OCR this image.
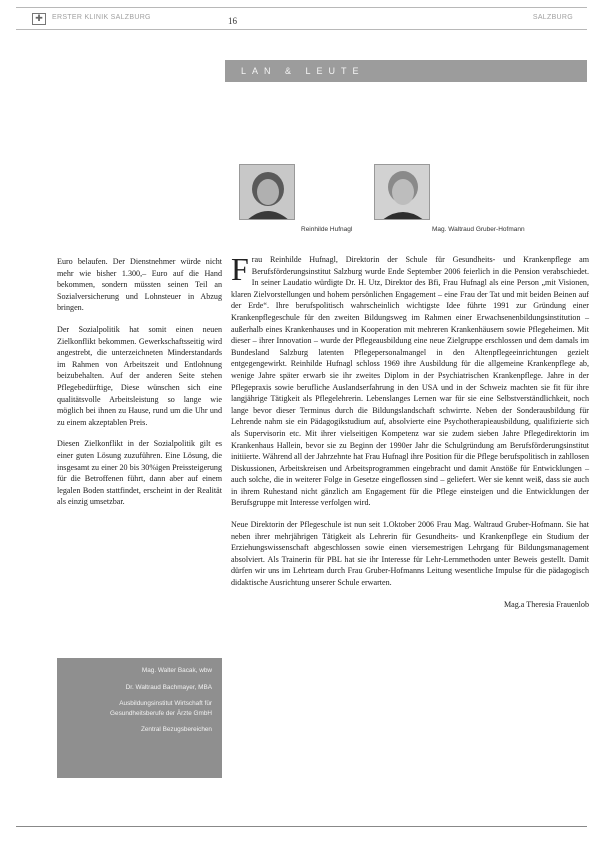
✚	ERSTER KLINIK SALZBURG	16	SALZBURG
LAN & LEUTE
Reinhilde Hufnagl	Mag. Waltraud Gruber-Hofmann

Euro belaufen. Der Dienstnehmer würde nicht mehr wie bisher 1.300,– Euro auf die Hand bekommen, sondern müssten seinen Teil an Sozialversicherung und Lohnsteuer in Abzug bringen.

Der Sozialpolitik hat somit einen neuen Zielkonflikt bekommen. Gewerkschaftsseitig wird angestrebt, die unterzeichneten Minderstandards im Rahmen von Arbeitszeit und Entlohnung beizubehalten. Auf der anderen Seite stehen Pflegebedürftige, Diese wünschen sich eine qualitätsvolle Arbeitsleistung so lange wie möglich bei ihnen zu Hause, rund um die Uhr und zu einem akzeptablen Preis.

Diesen Zielkonflikt in der Sozialpolitik gilt es einer guten Lösung zuzuführen. Eine Lösung, die insgesamt zu einer 20 bis 30%igen Preissteigerung für die Betroffenen führt, dann aber auf einem legalen Boden stattfindet, erscheint in der Realität als einzig umsetzbar.

Mag. Walter Bacak, wbw

Dr. Waltraud Bachmayer, MBA

Ausbildungsinstitut Wirtschaft für Gesundheitsberufe der Ärzte GmbH

Zentral Bezugsbereichen

Frau Reinhilde Hufnagl, Direktorin der Schule für Gesundheits- und Krankenpflege am Berufsförderungsinstitut Salzburg wurde Ende September 2006 feierlich in die Pension verabschiedet. In seiner Laudatio würdigte Dr. H. Utz, Direktor des Bfi, Frau Hufnagl als eine Person „mit Visionen, klaren Zielvorstellungen und hohem persönlichen Engagement – eine Frau der Tat und mit beiden Beinen auf der Erde“. Ihre berufspolitisch wahrscheinlich wichtigste Idee führte 1991 zur Gründung einer Krankenpflegeschule für den zweiten Bildungsweg im Rahmen einer Erwachsenenbildungsinstitution – außerhalb eines Krankenhauses und in Kooperation mit mehreren Krankenhäusern sowie Pflegeheimen. Mit dieser – ihrer Innovation – wurde der Pflegeausbildung eine neue Zielgruppe erschlossen und dem damals im Bundesland Salzburg latenten Pflegepersonalmangel in den Altenpflegeeinrichtungen gezielt entgegengewirkt. Reinhilde Hufnagl schloss 1969 ihre Ausbildung für die allgemeine Krankenpflege ab, wenige Jahre später erwarb sie ihr zweites Diplom in der Psychiatrischen Krankenpflege. Jahre in der Pflegepraxis sowie berufliche Auslandserfahrung in den USA und in der Schweiz machten sie fit für ihre langjährige Tätigkeit als Pflegelehrerin. Lebenslanges Lernen war für sie eine Selbstverständlichkeit, noch lange bevor dieser Terminus durch die Bildungslandschaft schwirrte. Neben der Sonderausbildung für Lehrende nahm sie ein Pädagogikstudium auf, absolvierte eine Psychotherapieausbildung, qualifizierte sich als Supervisorin etc. Mit ihrer vielseitigen Kompetenz war sie zudem sieben Jahre Pflegedirektorin im Krankenhaus Hallein, bevor sie zu Beginn der 1990er Jahr die Schulgründung am Berufsförderungsinstitut initiierte. Während all der Jahrzehnte hat Frau Hufnagl ihre Position für die Pflege berufspolitisch in zahllosen Diskussionen, Arbeitskreisen und Arbeitsprogrammen eingebracht und damit Anstöße für Entwicklungen – auch solche, die in weiterer Folge in Gesetze eingeflossen sind – geliefert. Wer sie kennt weiß, dass sie auch in ihrem Ruhestand nicht gänzlich am Engagement für die Pflege einsteigen und die Entwicklungen der Berufsgruppe mit Interesse verfolgen wird.

Neue Direktorin der Pflegeschule ist nun seit 1.Oktober 2006 Frau Mag. Waltraud Gruber-Hofmann. Sie hat neben ihrer mehrjährigen Tätigkeit als Lehrerin für Gesundheits- und Krankenpflege ein Studium der Erziehungswissenschaft abgeschlossen sowie einen viersemestrigen Lehrgang für Bildungsmanagement absolviert. Als Trainerin für PBL hat sie ihr Interesse für Lehr-Lernmethoden unter Beweis gestellt. Damit dürfen wir uns im Lehrteam durch Frau Gruber-Hofmanns Leitung wesentliche Impulse für die pädagogisch didaktische Ausrichtung unserer Schule erwarten.

Mag.a Theresia Frauenlob
